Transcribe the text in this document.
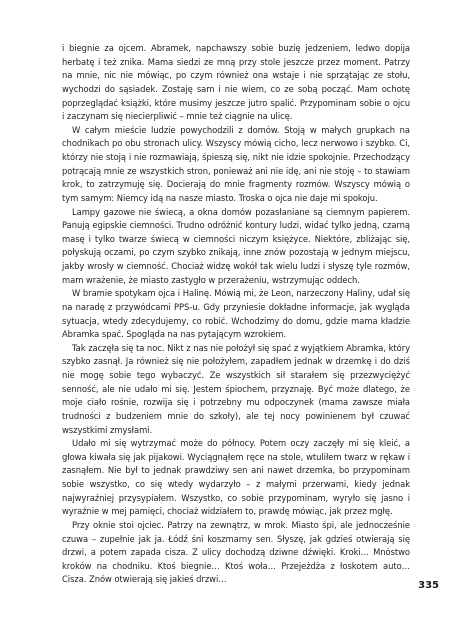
i biegnie za ojcem. Abramek, napchawszy sobie buzię jedzeniem, ledwo dopija herbatę i też znika. Mama siedzi ze mną przy stole jeszcze przez moment. Patrzy na mnie, nic nie mówiąc, po czym również ona wstaje i nie sprzątając ze stołu, wychodzi do sąsiadek. Zostaję sam i nie wiem, co ze sobą począć. Mam ochotę poprzeglądać książki, które musimy jeszcze jutro spalić. Przypominam sobie o ojcu i zaczynam się niecierpliwić – mnie też ciągnie na ulicę.

W całym mieście ludzie powychodzili z domów. Stoją w małych grupkach na chodnikach po obu stronach ulicy. Wszyscy mówią cicho, lecz nerwowo i szybko. Ci, którzy nie stoją i nie rozmawiają, śpieszą się, nikt nie idzie spokojnie. Przechodzący potrącają mnie ze wszystkich stron, ponieważ ani nie idę, ani nie stoję – to stawiam krok, to zatrzymuję się. Docierają do mnie fragmenty rozmów. Wszyscy mówią o tym samym: Niemcy idą na nasze miasto. Troska o ojca nie daje mi spokoju.

Lampy gazowe nie świecą, a okna domów pozasłaniane są ciemnym papierem. Panują egipskie ciemności. Trudno odróżnić kontury ludzi, widać tylko jedną, czarną masę i tylko twarze świecą w ciemności niczym księżyce. Niektóre, zbliżając się, połyskują oczami, po czym szybko znikają, inne znów pozostają w jednym miejscu, jakby wrosły w ciemność. Chociaż widzę wokół tak wielu ludzi i słyszę tyle rozmów, mam wrażenie, że miasto zastygło w przerażeniu, wstrzymując oddech.

W bramie spotykam ojca i Halinę. Mówią mi, że Leon, narzeczony Haliny, udał się na naradę z przywódcami PPS-u. Gdy przyniesie dokładne informacje, jak wygląda sytuacja, wtedy zdecydujemy, co robić. Wchodzimy do domu, gdzie mama kładzie Abramka spać. Spogląda na nas pytającym wzrokiem.

Tak zaczęła się ta noc. Nikt z nas nie położył się spać z wyjątkiem Abramka, który szybko zasnął. Ja również się nie położyłem, zapadłem jednak w drzemkę i do dziś nie mogę sobie tego wybaczyć. Ze wszystkich sił starałem się przezwyciężyć senność, ale nie udało mi się. Jestem śpiochem, przyznaję. Być może dlatego, że moje ciało rośnie, rozwija się i potrzebny mu odpoczynek (mama zawsze miała trudności z budzeniem mnie do szkoły), ale tej nocy powinienem był czuwać wszystkimi zmysłami.

Udało mi się wytrzymać może do północy. Potem oczy zaczęły mi się kleić, a głowa kiwała się jak pijakowi. Wyciągnąłem ręce na stole, wtuliłem twarz w rękaw i zasnąłem. Nie był to jednak prawdziwy sen ani nawet drzemka, bo przypominam sobie wszystko, co się wtedy wydarzyło – z małymi przerwami, kiedy jednak najwyraźniej przysypiałem. Wszystko, co sobie przypominam, wyryło się jasno i wyraźnie w mej pamięci, chociaż widziałem to, prawdę mówiąc, jak przez mgłę.

Przy oknie stoi ojciec. Patrzy na zewnątrz, w mrok. Miasto śpi, ale jednocześnie czuwa – zupełnie jak ja. Łódź śni koszmarny sen. Słyszę, jak gdzieś otwierają się drzwi, a potem zapada cisza. Z ulicy dochodzą dziwne dźwięki. Kroki… Mnóstwo kroków na chodniku. Ktoś biegnie… Ktoś woła… Przejeżdża z łoskotem auto… Cisza. Znów otwierają się jakieś drzwi…

335
